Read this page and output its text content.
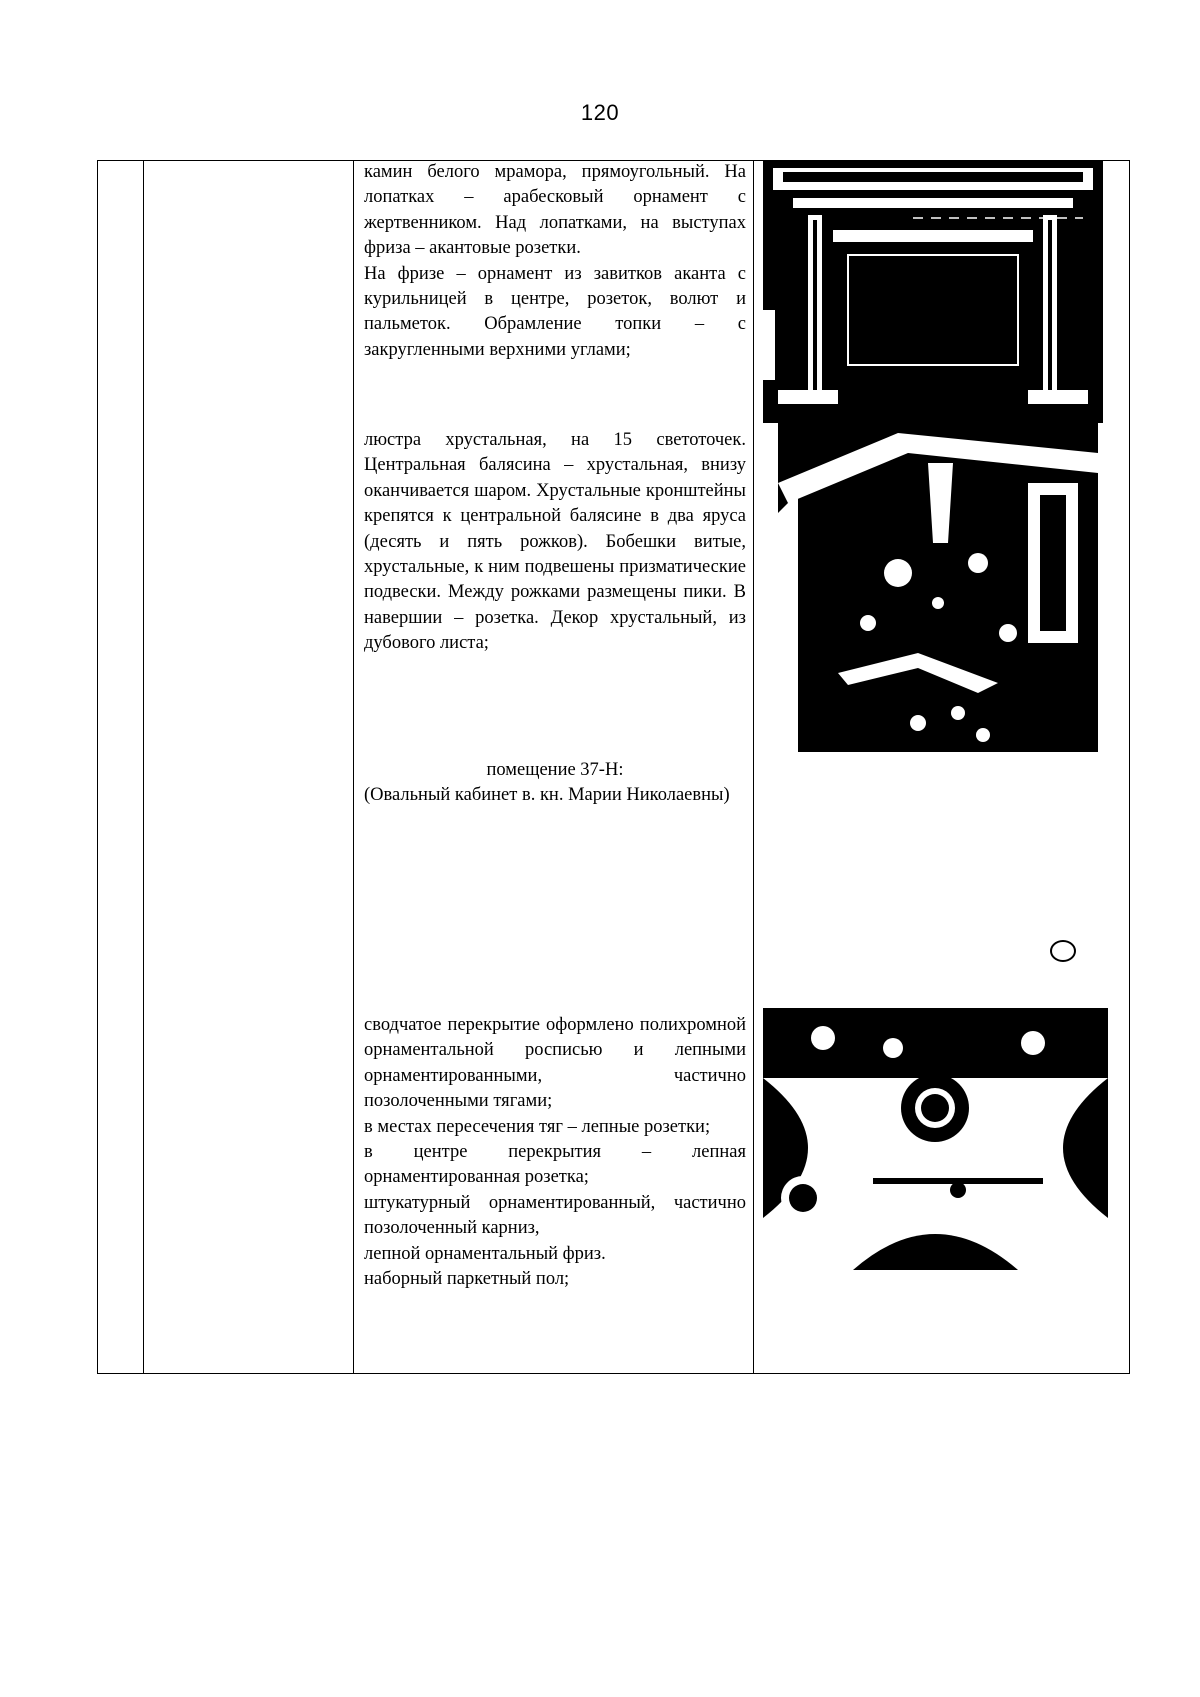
120

камин белого мрамора, прямоугольный. На лопатках – арабесковый орнамент с жертвенником. Над лопатками, на выступах фриза – акантовые розетки.

На фризе – орнамент из завитков аканта с курильницей в центре, розеток, волют и пальметок. Обрамление топки – с закругленными верхними углами;

люстра хрустальная, на 15 светоточек. Центральная балясина – хрустальная, внизу оканчивается шаром. Хрустальные кронштейны крепятся к центральной балясине в два яруса (десять и пять рожков). Бобешки витые, хрустальные, к ним подвешены призматические подвески. Между рожками размещены пики. В навершии – розетка. Декор хрустальный, из дубового листа;

помещение 37-Н:

(Овальный кабинет в. кн. Марии Николаевны)

сводчатое перекрытие оформлено полихромной орнаментальной росписью и лепными орнаментированными, частично позолоченными тягами;

в местах пересечения тяг – лепные розетки;

в центре перекрытия – лепная орнаментированная розетка;

штукатурный орнаментированный, частично позолоченный карниз,

лепной орнаментальный фриз.

наборный паркетный пол;
